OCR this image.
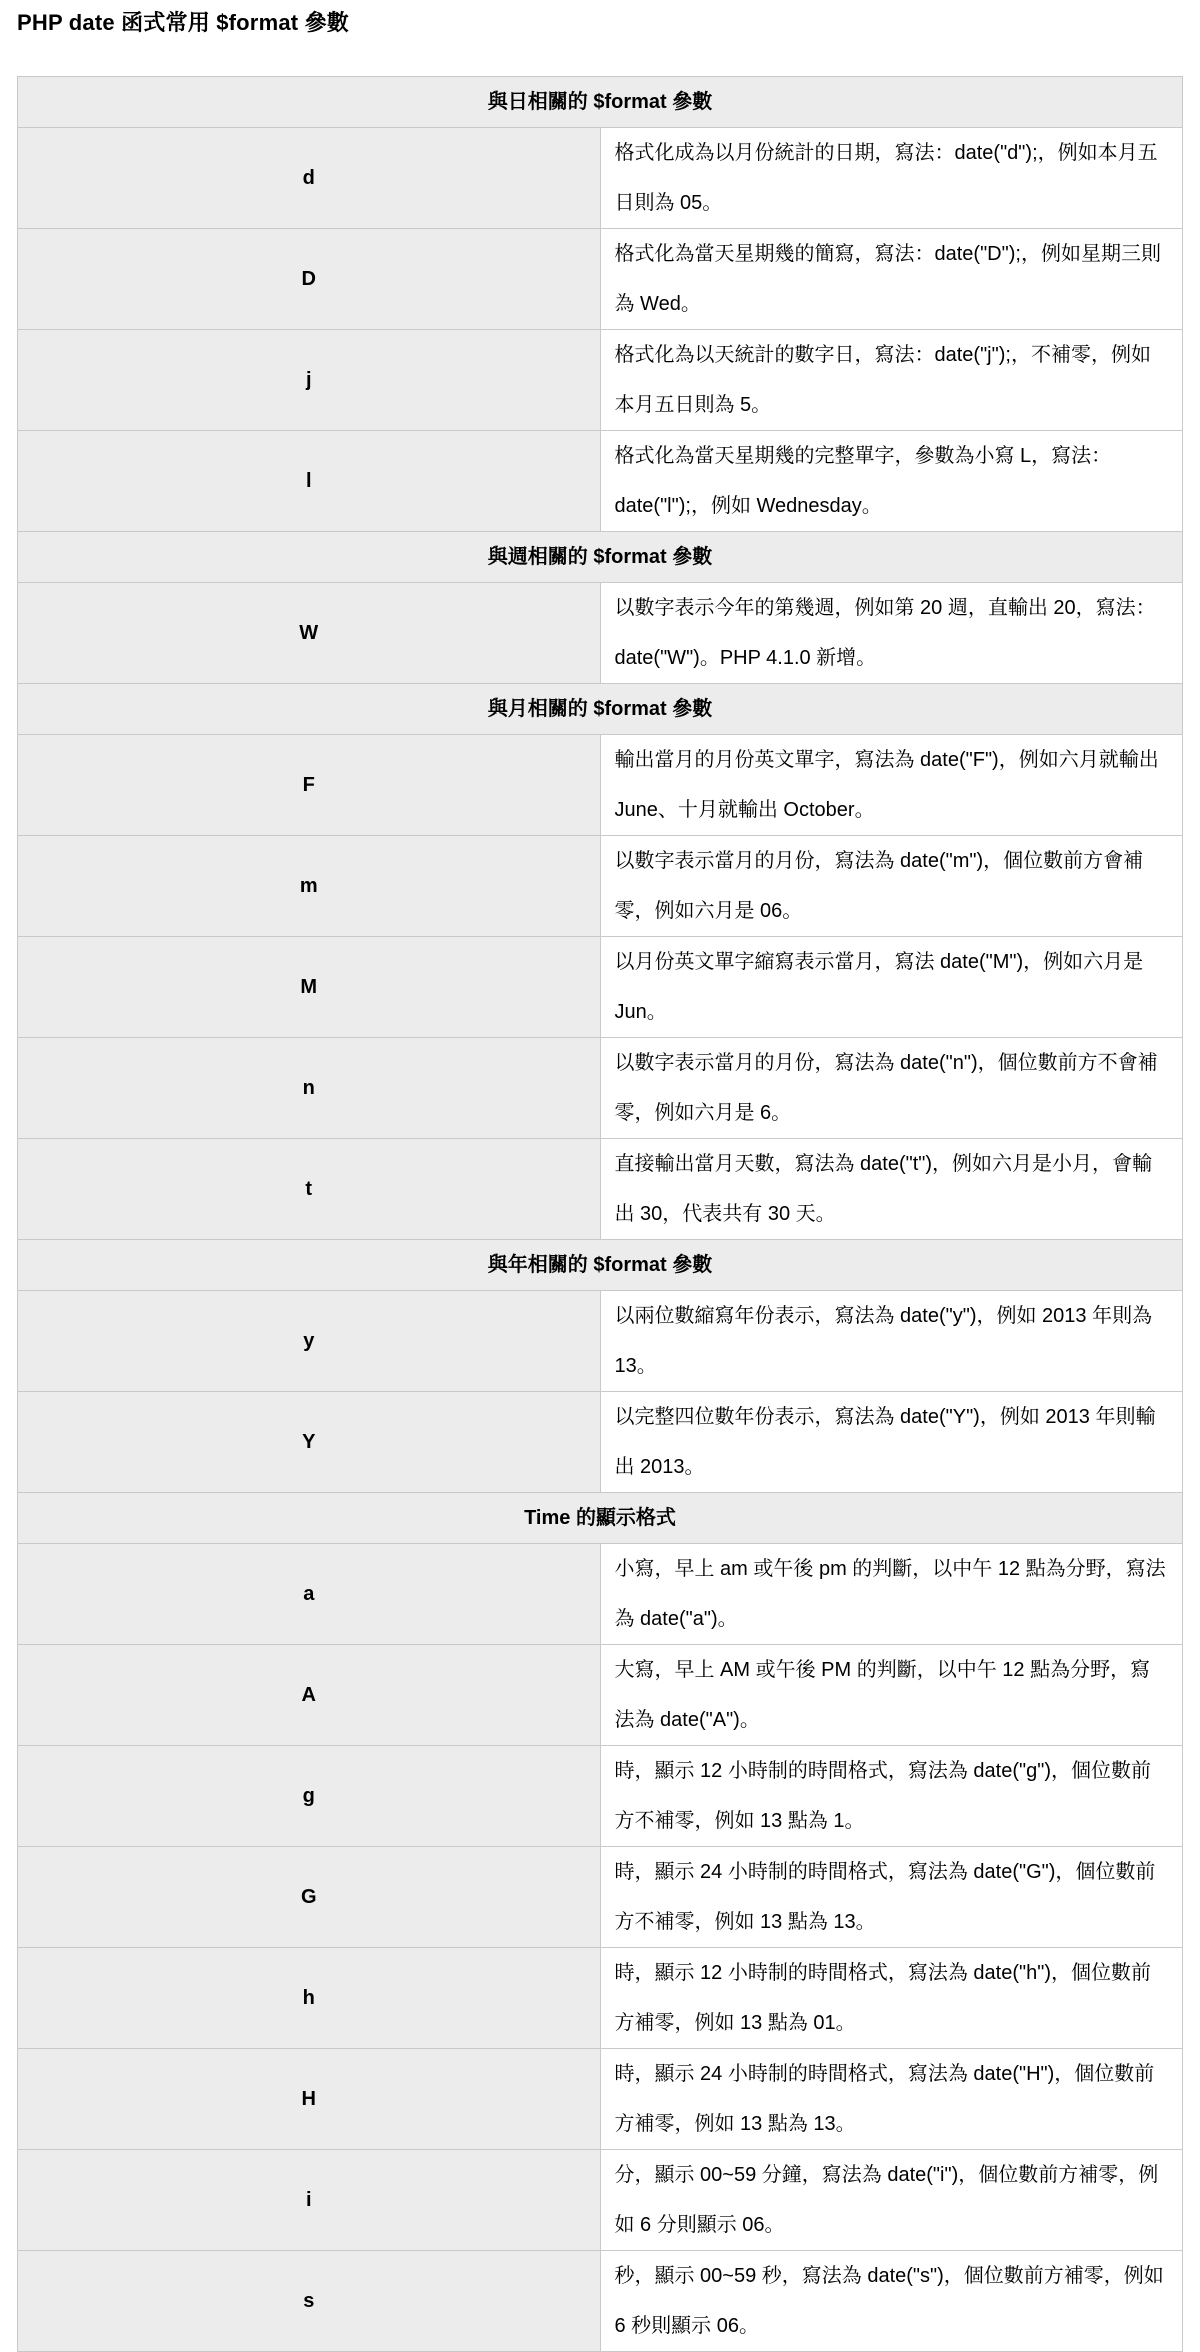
PHP date 函式常用 $format 參數
與日相關的 $format 參數	
d	格式化成為以月份統計的日期，寫法：date("d");，例如本月五日則為 05。
D	格式化為當天星期幾的簡寫，寫法：date("D");，例如星期三則為 Wed。
j	格式化為以天統計的數字日，寫法：date("j");，不補零，例如本月五日則為 5。
l	格式化為當天星期幾的完整單字，參數為小寫 L，寫法：date("l");，例如 Wednesday。
與週相關的 $format 參數	
W	以數字表示今年的第幾週，例如第 20 週，直輸出 20，寫法：date("W")。PHP 4.1.0 新增。
與月相關的 $format 參數	
F	輸出當月的月份英文單字，寫法為 date("F")，例如六月就輸出 June、十月就輸出 October。
m	以數字表示當月的月份，寫法為 date("m")，個位數前方會補零，例如六月是 06。
M	以月份英文單字縮寫表示當月，寫法 date("M")，例如六月是 Jun。
n	以數字表示當月的月份，寫法為 date("n")，個位數前方不會補零，例如六月是 6。
t	直接輸出當月天數，寫法為 date("t")，例如六月是小月，會輸出 30，代表共有 30 天。
與年相關的 $format 參數	
y	以兩位數縮寫年份表示，寫法為 date("y")，例如 2013 年則為 13。
Y	以完整四位數年份表示，寫法為 date("Y")，例如 2013 年則輸出 2013。
Time 的顯示格式	
a	小寫，早上 am 或午後 pm 的判斷，以中午 12 點為分野，寫法為 date("a")。
A	大寫，早上 AM 或午後 PM 的判斷，以中午 12 點為分野，寫法為 date("A")。
g	時，顯示 12 小時制的時間格式，寫法為 date("g")，個位數前方不補零，例如 13 點為 1。
G	時，顯示 24 小時制的時間格式，寫法為 date("G")，個位數前方不補零，例如 13 點為 13。
h	時，顯示 12 小時制的時間格式，寫法為 date("h")，個位數前方補零，例如 13 點為 01。
H	時，顯示 24 小時制的時間格式，寫法為 date("H")，個位數前方補零，例如 13 點為 13。
i	分，顯示 00~59 分鐘，寫法為 date("i")，個位數前方補零，例如 6 分則顯示 06。
s	秒，顯示 00~59 秒，寫法為 date("s")，個位數前方補零，例如 6 秒則顯示 06。
